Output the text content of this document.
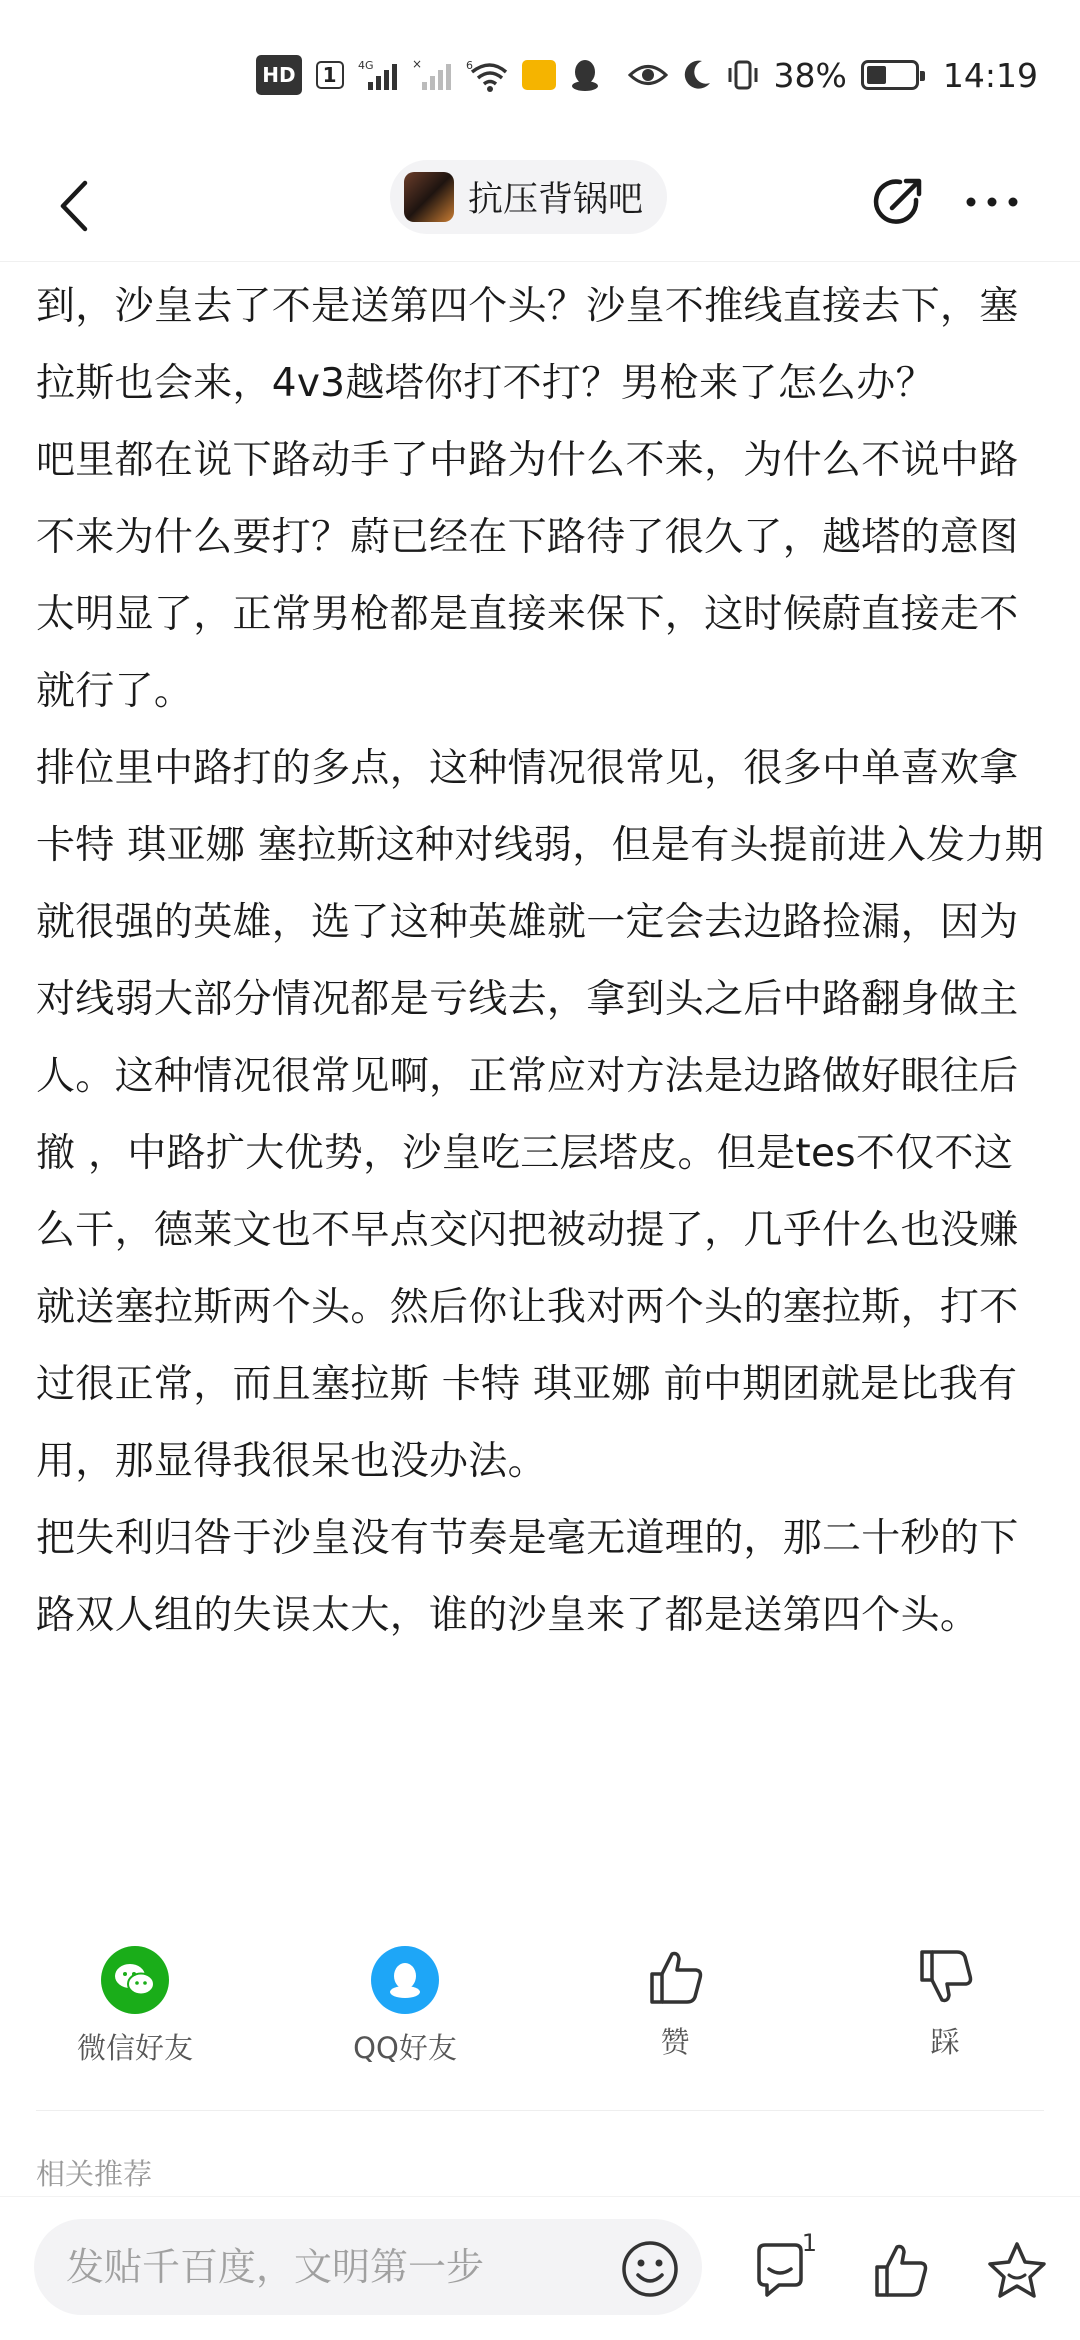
HD	1	4G	×	6	38%	14:19
抗压背锅吧

到，沙皇去了不是送第四个头？沙皇不推线直接去下，塞拉斯也会来，4v3越塔你打不打？男枪来了怎么办？

吧里都在说下路动手了中路为什么不来，为什么不说中路不来为什么要打？蔚已经在下路待了很久了，越塔的意图太明显了，正常男枪都是直接来保下，这时候蔚直接走不就行了。

排位里中路打的多点，这种情况很常见，很多中单喜欢拿卡特 琪亚娜 塞拉斯这种对线弱，但是有头提前进入发力期就很强的英雄，选了这种英雄就一定会去边路捡漏，因为对线弱大部分情况都是亏线去，拿到头之后中路翻身做主人。这种情况很常见啊，正常应对方法是边路做好眼往后撤 ，中路扩大优势，沙皇吃三层塔皮。但是tes不仅不这么干，德莱文也不早点交闪把被动提了，几乎什么也没赚就送塞拉斯两个头。然后你让我对两个头的塞拉斯，打不过很正常，而且塞拉斯 卡特 琪亚娜 前中期团就是比我有用，那显得我很呆也没办法。

把失利归咎于沙皇没有节奏是毫无道理的，那二十秒的下路双人组的失误太大，谁的沙皇来了都是送第四个头。

微信好友	QQ好友	赞	踩
相关推荐
发贴千百度，文明第一步
1
